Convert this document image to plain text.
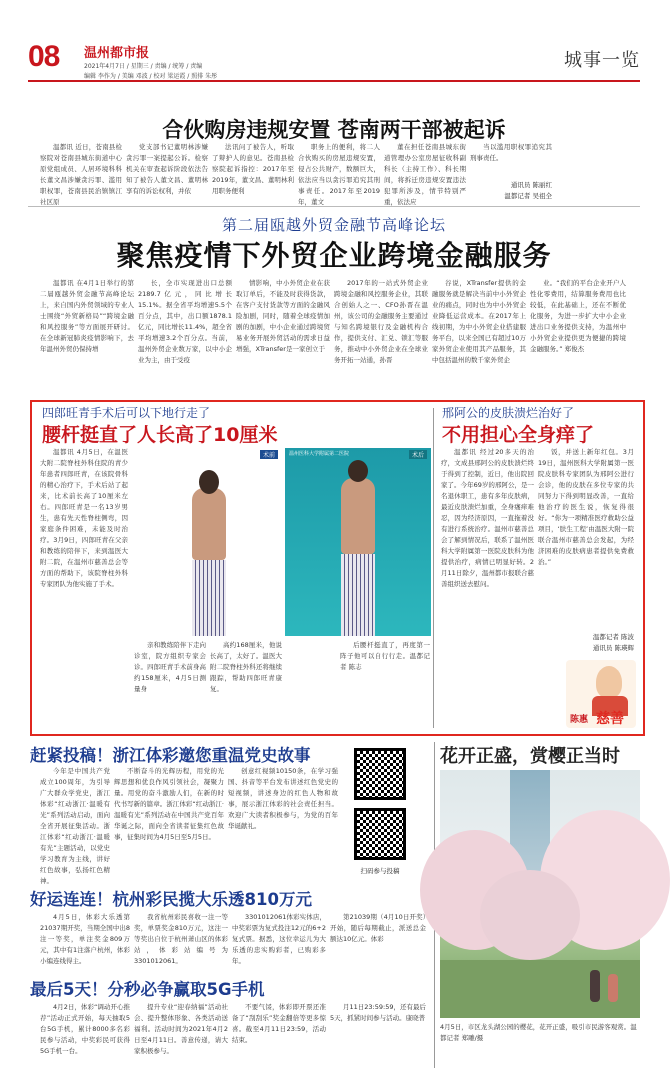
08 温州都市报
2021年4月7日 / 星期三 / 责编 / 统筹 / 责编
编辑 李作为 / 美编 邓波 / 校对 梁运霞 / 照排 朱彤
城事一览
合伙购房违规安置 苍南两干部被起诉
温都讯 近日，苍南县检察院对苍南县城东街道中心原党组成员、人居环境科科长董文昌涉嫌贪污罪、滥用职权罪，苍南县民治镇镇江社区原
党支部书记董明林涉嫌贪污罪一案提起公诉。检察机关在审查起诉阶段依法告知了被告人董文昌、董明林享有的诉讼权利，并依
法讯问了被告人，听取了辩护人的意见。苍南县检察院起诉指控：2017年至2019年，董文昌、董明林利用职务便利
职务上的便利，将二人合伙购买的房屋违规安置，侵占公共财产，数额巨大，依法应当以贪污罪追究其刑事责任。2017年至2019年，董文
董在担任苍南县城东街道管理办公室房屋征收科副科长（主持工作）、科长期间，将拆迁房违规安置违法犯罪所涉及，情节特别严重，依法应
当以滥用职权罪追究其刑事责任。
通讯员 陈丽红
温都记者 吴祖全
第二届瓯越外贸金融节高峰论坛
聚焦疫情下外贸企业跨境金融服务
温都讯 在4月1日举行的第二届瓯越外贸金融节高峰论坛上，来自国内外贸领域的专业人士围绕“外贸新格局”“跨境金融和风控服务”等方面展开研讨。在全球新冠肺炎疫情影响下，去年温州外贸仍保持增
长，全市实现进出口总额2189.7亿元，同比增长15.1%。据全省平均增速5.5个百分点，其中，出口额1878.1亿元，同比增长11.4%，超全省平均增速3.2个百分点。当前，温州外贸企业数万家，以中小企业为主，由于受疫
情影响，中小外贸企业在获取订单后，不能及时获得货款，在客户支付货款等方面的金融风险加剧，同时，随着全球疫情加剧的加剧，中小企业通过跨境贸易业务开展外贸活动的需求日益增强，XTransfer是一家创立于
2017年的一站式外贸企业跨境金融和风控服务企业，其联合创始人之一、CFO孙晋在温州，该公司的金融服务主要通过与知名跨境银行及金融机构合作，提供支付、汇兑、锁汇等服务，推动中小外贸企业在全球业务开拓一站通，孙晋
谷说，XTransfer提供的金融服务就是解决当前中小外贸企业的痛点，同时也为中小外贸企业降低运营成本。在2017年上线初期，为中小外贸企业搭建服务平台，以来全国已有超过10万家外贸企业使用其产品服务，其中包括温州的数千家外贸企
业。“我们的平台企业开户人性化零费用，结算服务费用也比较低，在此基础上，还在不断优化服务，为进一步扩大中小企业进出口业务提供支持，为温州中小外贸企业提供更为便捷的跨境金融服务。” 郑俊杰
四郎旺青手术后可以下地行走了
腰杆挺直了人长高了10厘米
温都讯 4月5日，在温医大附二院脊柱外科住院的青少年患者四郎旺青，在该院骨科的精心治疗下，手术后站了起来，比术前长高了10厘米左右。四郎旺青是一名13岁男生，患有先天性脊柱侧弯，因家庭条件困难，未能及时治疗。3月9日，四郎旺青在父亲和教练的陪伴下，来到温医大附二院，在温州市慈善总会等方面的帮助下，该院脊柱外科专家团队为他实施了手术。
温州医科大学附属第二医院	术前	温州医科大学附属第二医院	术后
亲和教练陪伴下走向诊室，院方组织专家会诊。四郎旺青手术前身高约158厘米，4月5日测量身
高约168厘米，他说长高了，太好了。温医大附二院脊柱外科还将继续跟踪，帮助四郎旺青康复。
后腰杆挺直了，再度第一阵子他可以自行行走。温都记者 陈志
邢阿公的皮肤溃烂治好了
不用担心全身痒了
温都讯 经过20多天的治疗，文成县邢阿公的皮肤溃烂终于得到了控制，近日，他出院回家了。今年69岁的邢阿公，是一名退休职工，患有多年皮肤病，最近皮肤溃烂加重，全身瘙痒难忍，因为经济原因，一直拖着没有进行系统治疗。温州市慈善总会了解到情况后，联系了温州医科大学附属第一医院皮肤科为他提供治疗，病情已明显好转。2月11日除夕，温州都市报联合慈善组织送去慰问。
饭，并送上新年红包。3月19日，温州医科大学附属第一医院皮肤科专家团队为邢阿公进行会诊，他的皮肤在多位专家的共同努力下得到明显改善，一直给他治疗的医生说，恢复得很好。“你为一项精准医疗救助公益项目，‘肤生工程’由温医大附一院联合温州市慈善总会发起，为经济困难的皮肤病患者提供免费救治。”
温都记者 陈波
通讯员 陈瑛辉
陈惠 慈善
赶紧投稿！浙江体彩邀您重温党史故事
今年是中国共产党成立100周年，为引导广大群众学党史，浙江体彩“红动浙江·温暖有光”系列活动启动，面向全省开展征集活动。浙江体彩“红动浙江·温暖有光”主题活动，以党史学习教育为主线，讲好红色故事，弘扬红色精神。
不断奋斗的光辉历程，用党的光辉思想和优良作风引领社会，凝聚力量。用党的奋斗激励人们，在新的时代书写新的篇章。浙江体彩“红动浙江·温暖有光”系列活动在中国共产党百年华诞之际，面向全省读者征集红色故事，征集时间为4月5日至5月5日。
创意红视频10150条，在学习强国、抖音等平台发布讲述红色党史的短视频，讲述身边的红色人物和故事，展示浙江体彩的社会责任担当。欢迎广大读者积极参与，为党的百年华诞献礼。
扫码参与投稿
花开正盛，赏樱正当时
4月5日，市区龙头湖公园的樱花，花开正盛，吸引市民游客观赏。温都记者 郑雕/摄
好运连连！杭州彩民揽大乐透810万元
4月5日，体彩大乐透第21037期开奖，当期全国中出8注一等奖，单注奖金809万元，其中有1注落户杭州，体彩小编连线得主。
我省杭州彩民喜收一注一等奖，单票奖金810万元，这注一等奖出自位于杭州萧山区的体彩站，体彩站编号为3301012061。
3301012061体彩实体店，中奖彩票为复式投注12元的6+2复式票。据悉，这位幸运儿为大乐透的忠实购彩者，已购彩多年。
第21039期（4月10日开奖）开始，随后每期截止，派送总金额达10亿元。体彩
最后5天！分秒必争赢取5G手机
4月2日，体彩“调动开心推荐”活动正式开始，每天抽取5台5G手机，累计8000多名彩民参与活动，中奖彩民可获得5G手机一台。
提升专业“迎春纳福”活动社会、提升整体形象、各类活动送福利。活动时间为2021年4月2日至4月11日。善意传递，请大家积极参与。
不要气馁，体彩即开票还准备了“刮刮乐”奖金翻倍等更多惊喜。截至4月11日23:59，活动结束。
月11日23:59:59，还有最后5天，抓紧时间参与活动。康晓普
